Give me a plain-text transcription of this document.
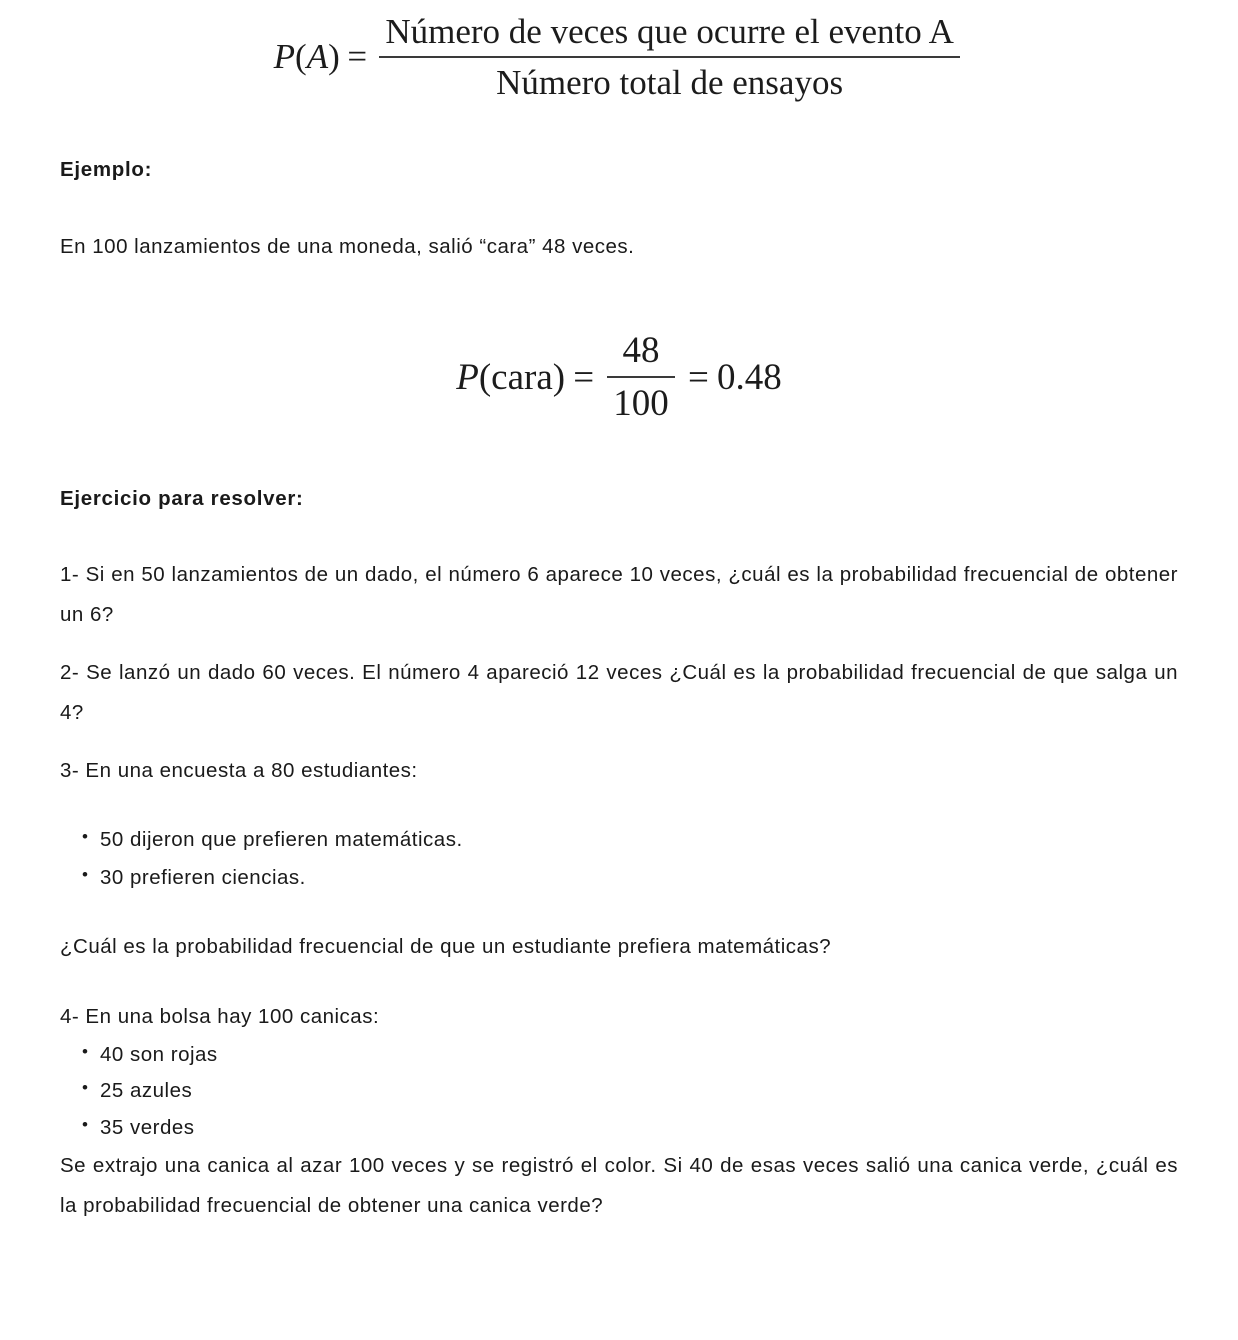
P ( A ) = $\frac{\text{Número de veces que ocurre el evento A}}{\text{Número total de ensayos}}$
P ( cara ) = $\frac{48}{100} = 0.48$

Ejemplo:

En 100 lanzamientos de una moneda, salió “cara” 48 veces.

Ejercicio para resolver:

1- Si en 50 lanzamientos de un dado, el número 6 aparece 10 veces, ¿cuál es la probabilidad frecuencial de obtener un 6?

2- Se lanzó un dado 60 veces. El número 4 apareció 12 veces ¿Cuál es la probabilidad frecuencial de que salga un 4?

3- En una encuesta a 80 estudiantes:

• 50 dijeron que prefieren matemáticas.
• 30 prefieren ciencias.

¿Cuál es la probabilidad frecuencial de que un estudiante prefiera matemáticas?

4- En una bolsa hay 100 canicas:

• 40 son rojas
• 25 azules
• 35 verdes

Se extrajo una canica al azar 100 veces y se registró el color. Si 40 de esas veces salió una canica verde, ¿cuál es la probabilidad frecuencial de obtener una canica verde?
